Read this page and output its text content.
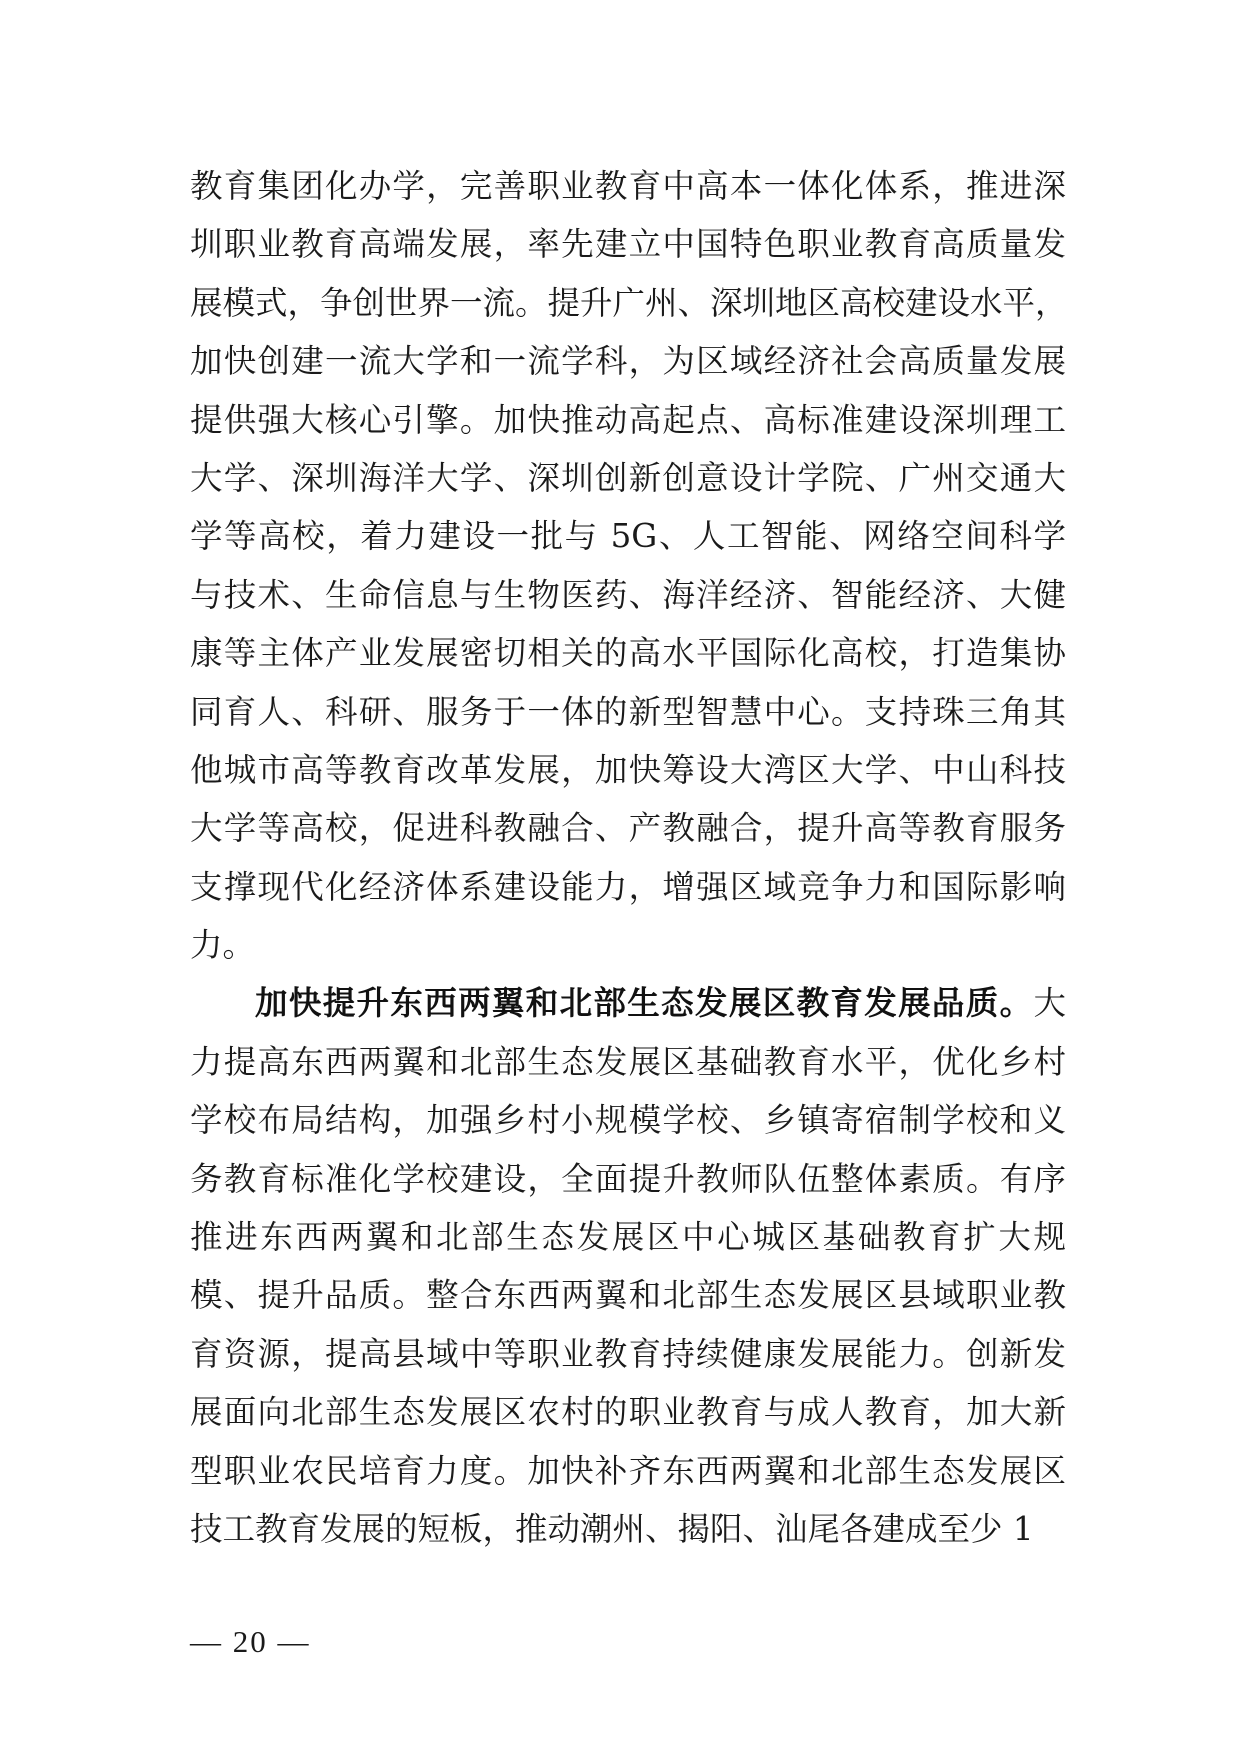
教育集团化办学，完善职业教育中高本一体化体系，推进深
圳职业教育高端发展，率先建立中国特色职业教育高质量发
展模式，争创世界一流。提升广州、深圳地区高校建设水平，
加快创建一流大学和一流学科，为区域经济社会高质量发展
提供强大核心引擎。加快推动高起点、高标准建设深圳理工
大学、深圳海洋大学、深圳创新创意设计学院、广州交通大
学等高校，着力建设一批与 5G、人工智能、网络空间科学
与技术、生命信息与生物医药、海洋经济、智能经济、大健
康等主体产业发展密切相关的高水平国际化高校，打造集协
同育人、科研、服务于一体的新型智慧中心。支持珠三角其
他城市高等教育改革发展，加快筹设大湾区大学、中山科技
大学等高校，促进科教融合、产教融合，提升高等教育服务
支撑现代化经济体系建设能力，增强区域竞争力和国际影响
力。
加快提升东西两翼和北部生态发展区教育发展品质。大
力提高东西两翼和北部生态发展区基础教育水平，优化乡村
学校布局结构，加强乡村小规模学校、乡镇寄宿制学校和义
务教育标准化学校建设，全面提升教师队伍整体素质。有序
推进东西两翼和北部生态发展区中心城区基础教育扩大规
模、提升品质。整合东西两翼和北部生态发展区县域职业教
育资源，提高县域中等职业教育持续健康发展能力。创新发
展面向北部生态发展区农村的职业教育与成人教育，加大新
型职业农民培育力度。加快补齐东西两翼和北部生态发展区
技工教育发展的短板，推动潮州、揭阳、汕尾各建成至少 1
— 20 —
